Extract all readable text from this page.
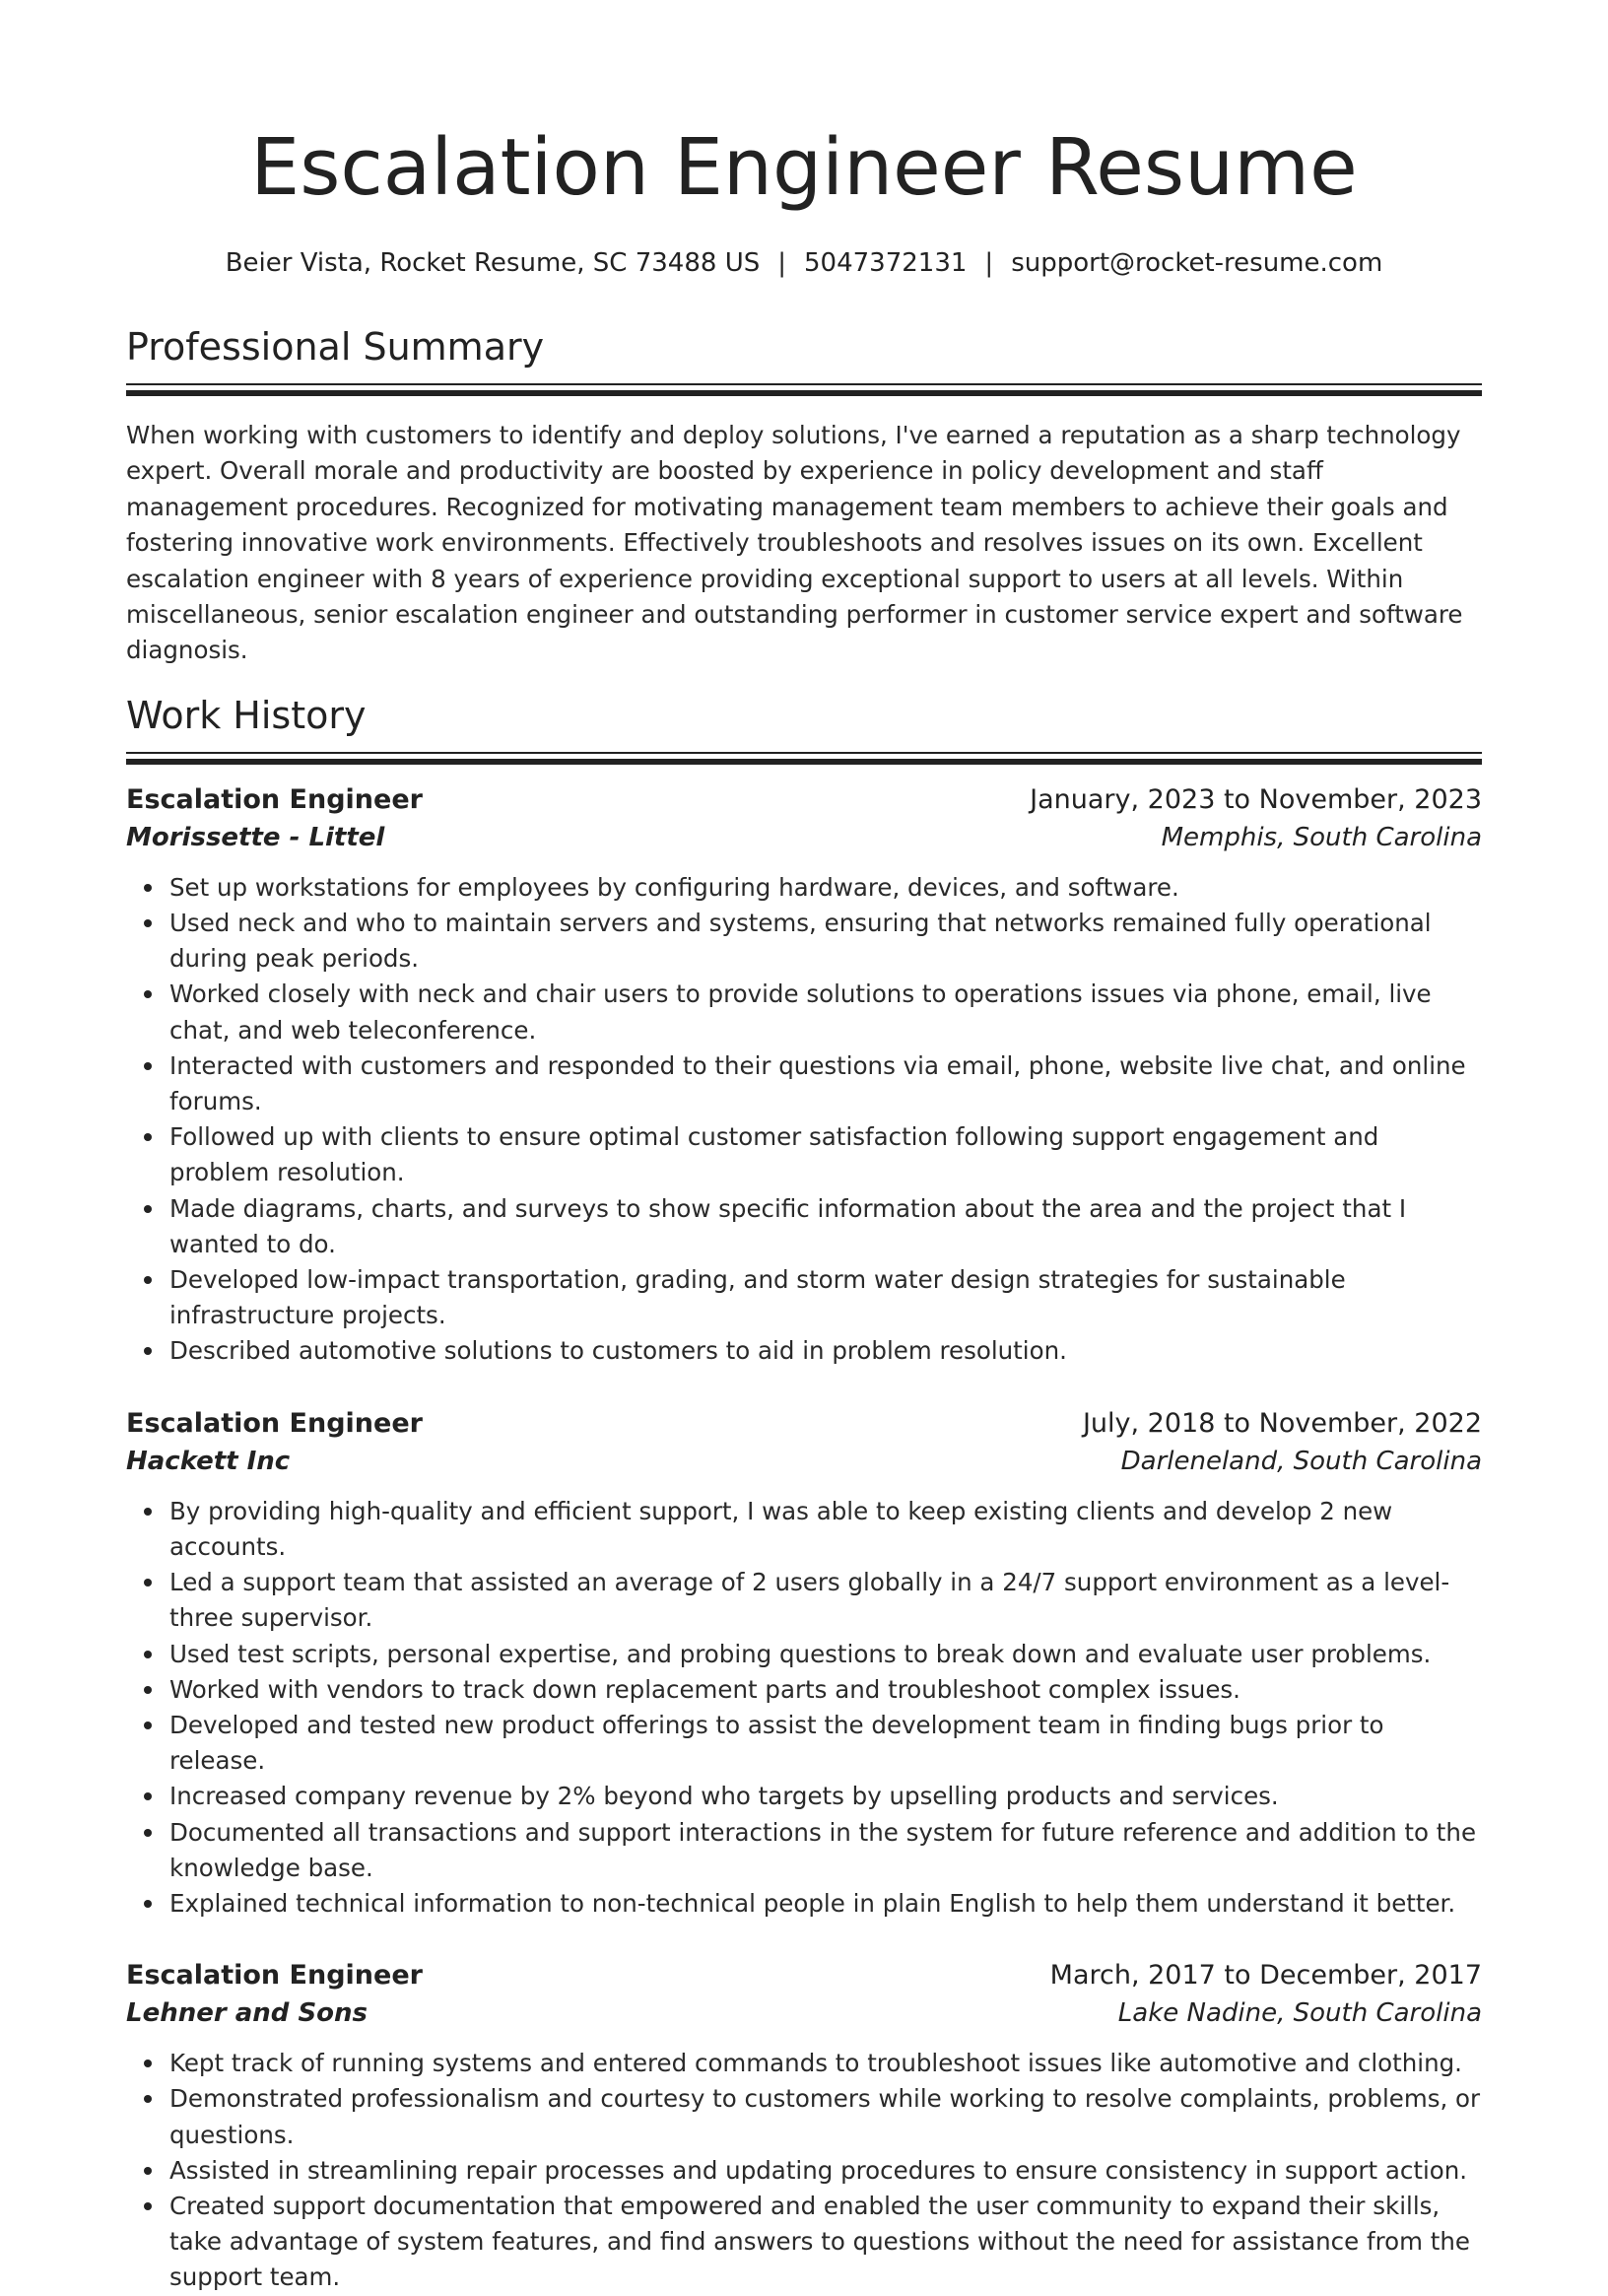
Escalation Engineer Resume
Beier Vista, Rocket Resume, SC 73488 US | 5047372131 | support@rocket-resume.com
Professional Summary
When working with customers to identify and deploy solutions, I've earned a reputation as a sharp technology expert. Overall morale and productivity are boosted by experience in policy development and staff management procedures. Recognized for motivating management team members to achieve their goals and fostering innovative work environments. Effectively troubleshoots and resolves issues on its own. Excellent escalation engineer with 8 years of experience providing exceptional support to users at all levels. Within miscellaneous, senior escalation engineer and outstanding performer in customer service expert and software diagnosis.
Work History
Escalation Engineer	January, 2023 to November, 2023
Morissette - Littel	Memphis, South Carolina
Set up workstations for employees by configuring hardware, devices, and software.
Used neck and who to maintain servers and systems, ensuring that networks remained fully operational during peak periods.
Worked closely with neck and chair users to provide solutions to operations issues via phone, email, live chat, and web teleconference.
Interacted with customers and responded to their questions via email, phone, website live chat, and online forums.
Followed up with clients to ensure optimal customer satisfaction following support engagement and problem resolution.
Made diagrams, charts, and surveys to show specific information about the area and the project that I wanted to do.
Developed low-impact transportation, grading, and storm water design strategies for sustainable infrastructure projects.
Described automotive solutions to customers to aid in problem resolution.
Escalation Engineer	July, 2018 to November, 2022
Hackett Inc	Darleneland, South Carolina
By providing high-quality and efficient support, I was able to keep existing clients and develop 2 new accounts.
Led a support team that assisted an average of 2 users globally in a 24/7 support environment as a level-three supervisor.
Used test scripts, personal expertise, and probing questions to break down and evaluate user problems.
Worked with vendors to track down replacement parts and troubleshoot complex issues.
Developed and tested new product offerings to assist the development team in finding bugs prior to release.
Increased company revenue by 2% beyond who targets by upselling products and services.
Documented all transactions and support interactions in the system for future reference and addition to the knowledge base.
Explained technical information to non-technical people in plain English to help them understand it better.
Escalation Engineer	March, 2017 to December, 2017
Lehner and Sons	Lake Nadine, South Carolina
Kept track of running systems and entered commands to troubleshoot issues like automotive and clothing.
Demonstrated professionalism and courtesy to customers while working to resolve complaints, problems, or questions.
Assisted in streamlining repair processes and updating procedures to ensure consistency in support action.
Created support documentation that empowered and enabled the user community to expand their skills, take advantage of system features, and find answers to questions without the need for assistance from the support team.
